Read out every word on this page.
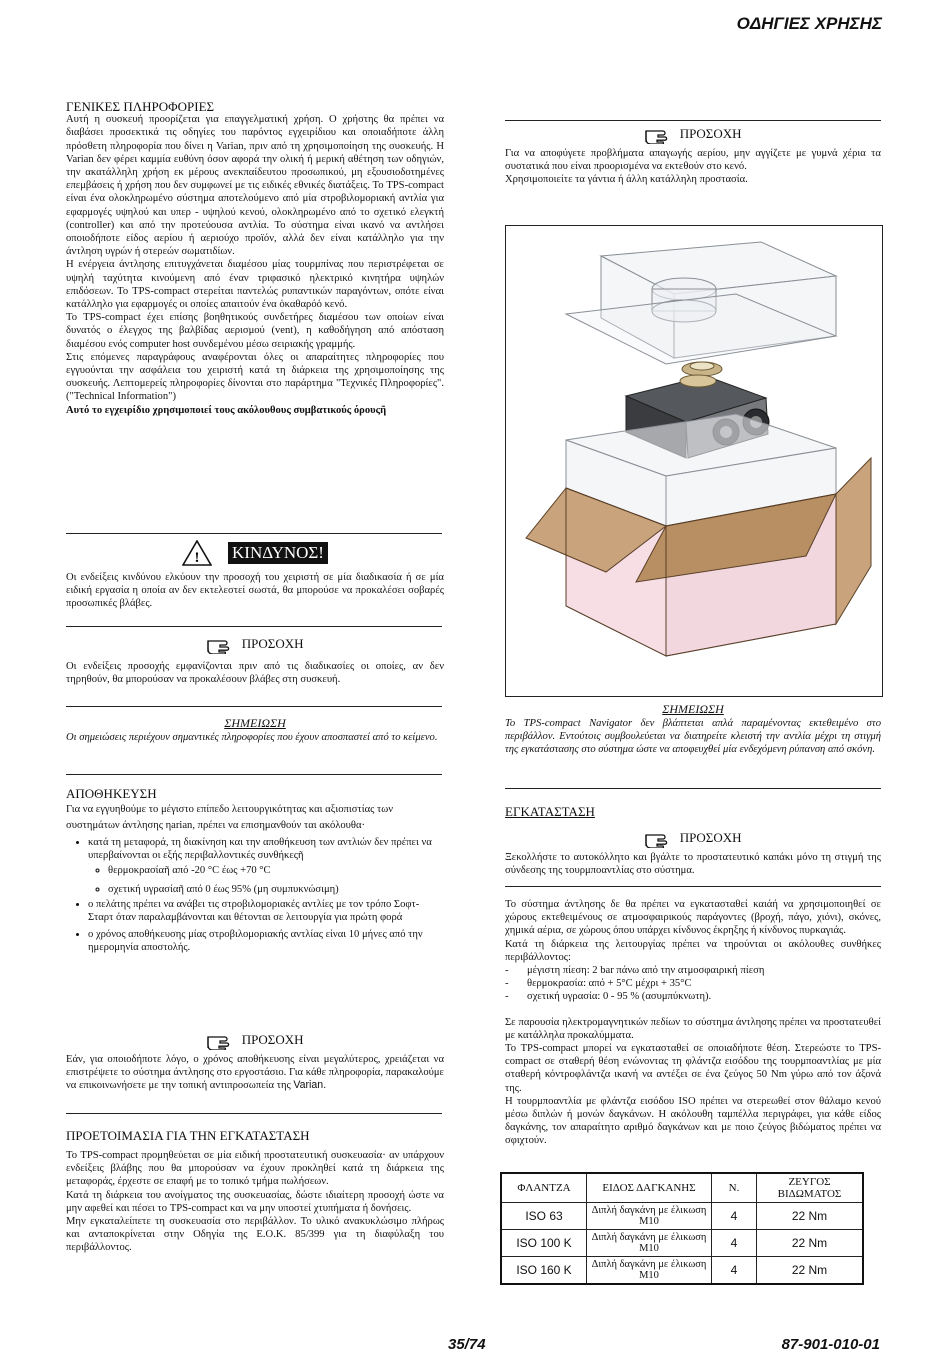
ΟΔΗΓΙΕΣ ΧΡΗΣΗΣ
ΓΕΝΙΚΕΣ ΠΛΗΡΟΦΟΡΙΕΣ

Αυτή η συσκευή προορίζεται για επαγγελματική χρήση. Ο χρήστης θα πρέπει να διαβάσει προσεκτικά τις οδηγίες του παρόντος εγχειρίδιου και οποιαδήποτε άλλη πρόσθετη πληροφορία που δίνει η Varian, πριν από τη χρησιμοποίηση της συσκευής. Η Varian δεν φέρει καμμία ευθύνη όσον αφορά την ολική ή μερική αθέτηση των οδηγιών, την ακατάλληλη χρήση εκ μέρους ανεκπαίδευτου προσωπικού, μη εξουσιοδοτημένες επεμβάσεις ή χρήση που δεν συμφωνεί με τις ειδικές εθνικές διατάξεις. Το TPS-compact είναι ένα ολοκληρωμένο σύστημα αποτελούμενο από μία στροβιλομοριακή αντλία για εφαρμογές υψηλού και υπερ - υψηλού κενού, ολοκληρωμένο από το σχετικό ελεγκτή (controller) και από την προτεύουσα αντλία. Το σύστημα είναι ικανό να αντλήσει οποιοδήποτε είδος αερίου ή αεριούχο προϊόν, αλλά δεν είναι κατάλληλο για την άντληση υγρών ή στερεών σωματιδίων.

Η ενέργεια άντλησης επιτυγχάνεται διαμέσου μίας τουρμπίνας που περιστρέφεται σε υψηλή ταχύτητα κινούμενη από έναν τριφασικό ηλεκτρικό κινητήρα υψηλών επιδόσεων. Το TPS-compact στερείται παντελώς ρυπαντικών παραγόντων, οπότε είναι κατάλληλο για εφαρμογές οι οποίες απαιτούν ένα ὁκαθαρόὁ κενό.

Το TPS-compact έχει επίσης βοηθητικούς συνδετήρες διαμέσου των οποίων είναι δυνατός ο έλεγχος της βαλβίδας αερισμού (vent), η καθοδήγηση από απόσταση διαμέσου ενός computer host συνδεμένου μέσω σειριακής γραμμής.

Στις επόμενες παραγράφους αναφέρονται όλες οι απαραίτητες πληροφορίες που εγγυούνται την ασφάλεια του χειριστή κατά τη διάρκεια της χρησιμοποίησης της συσκευής. Λεπτομερείς πληροφορίες δίνονται στο παράρτημα "Τεχνικές Πληροφορίες". ("Technical Information")

Αυτό το εγχειρίδιο χρησιμοποιεί τους ακόλουθους συμβατικούς όρουςῆ

! ΚΙΝΔΥΝΟΣ!
Οι ενδείξεις κινδύνου ελκύουν την προσοχή του χειριστή σε μία διαδικασία ή σε μία ειδική εργασία η οποία αν δεν εκτελεστεί σωστά, θα μπορούσε να προκαλέσει σοβαρές προσωπικές βλάβες.
ΠΡΟΣΟΧΗ
Οι ενδείξεις προσοχής εμφανίζονται πριν από τις διαδικασίες οι οποίες, αν δεν τηρηθούν, θα μπορούσαν να προκαλέσουν βλάβες στη συσκευή.
ΣΗΜΕΙΩΣΗ
Οι σημειώσεις περιέχουν σημαντικές πληροφορίες που έχουν αποσπαστεί από το κείμενο.
ΑΠΟΘΗΚΕΥΣΗ
Για να εγγυηθούμε το μέγιστο επίπεδο λειτουργικότητας και αξιοπιστίας των συστημάτων άντλησης ηarian, πρέπει να επισημανθούν ται ακόλουθα·
• κατά τη μεταφορά, τη διακίνηση και την αποθήκευση των αντλιών δεν πρέπει να υπερβαίνονται οι εξής περιβαλλοντικές συνθήκεςῆ
◦ θερμοκρασίαῆ από -20 °C έως +70 °C
◦ σχετική υγρασίαῆ από 0 έως 95% (μη συμπυκνώσιμη)
• ο πελάτης πρέπει να ανάβει τις στροβιλομοριακές αντλίες με τον τρόπο Σοφτ- Σταρτ όταν παραλαμβάνονται και θέτονται σε λειτουργία για πρώτη φορά
• ο χρόνος αποθήκευσης μίας στροβιλομοριακής αντλίας είναι 10 μήνες από την ημερομηνία αποστολής.
ΠΡΟΣΟΧΗ
Εάν, για οποιοδήποτε λόγο, ο χρόνος αποθήκευσης είναι μεγαλύτερος, χρειάζεται να επιστρέψετε το σύστημα άντλησης στο εργοστάσιο. Για κάθε πληροφορία, παρακαλούμε να επικοινωνήσετε με την τοπική αντιπροσωπεία της Varian.
ΠΡΟΕΤΟΙΜΑΣΙΑ ΓΙΑ ΤΗΝ ΕΓΚΑΤΑΣΤΑΣΗ

Το TPS-compact προμηθεύεται σε μία ειδική προστατευτική συσκευασία· αν υπάρχουν ενδείξεις βλάβης που θα μπορούσαν να έχουν προκληθεί κατά τη διάρκεια της μεταφοράς, έρχεστε σε επαφή με το τοπικό τμήμα πωλήσεων.

Κατά τη διάρκεια του ανοίγματος της συσκευασίας, δώστε ιδιαίτερη προσοχή ώστε να μην αφεθεί και πέσει το TPS-compact και να μην υποστεί χτυπήματα ή δονήσεις.

Μην εγκαταλείπετε τη συσκευασία στο περιβάλλον. Το υλικό ανακυκλώσιμο πλήρως και ανταποκρίνεται στην Οδηγία της Ε.Ο.Κ. 85/399 για τη διαφύλαξη του περιβάλλοντος.

ΠΡΟΣΟΧΗ

Για να αποφύγετε προβλήματα απαγωγής αερίου, μην αγγίζετε με γυμνά χέρια τα συστατικά που είναι προορισμένα να εκτεθούν στο κενό.

Χρησιμοποιείτε τα γάντια ή άλλη κατάλληλη προστασία.

ΣΗΜΕΙΩΣΗ
Το TPS-compact Navigator δεν βλάπτεται απλά παραμένοντας εκτεθειμένο στο περιβάλλον. Εντούτοις συμβουλεύεται να διατηρείτε κλειστή την αντλία μέχρι τη στιγμή της εγκατάστασης στο σύστημα ώστε να αποφευχθεί μία ενδεχόμενη ρύπανση από σκόνη.
ΕΓΚΑΤΑΣΤΑΣΗ
ΠΡΟΣΟΧΗ
Ξεκολλήστε το αυτοκόλλητο και βγάλτε το προστατευτικό καπάκι μόνο τη στιγμή της σύνδεσης της τουρμποαντλίας στο σύστημα.

Το σύστημα άντλησης δε θα πρέπει να εγκατασταθεί καιάή να χρησιμοποιηθεί σε χώρους εκτεθειμένους σε ατμοσφαιρικούς παράγοντες (βροχή, πάγο, χιόνι), σκόνες, χημικά αέρια, σε χώρους όπου υπάρχει κίνδυνος έκρηξης ή κίνδυνος πυρκαγιάς.

Κατά τη διάρκεια της λειτουργίας πρέπει να τηρούνται οι ακόλουθες συνθήκες περιβάλλοντος:

- μέγιστη πίεση: 2 bar πάνω από την ατμοσφαιρική πίεση
- θερμοκρασία: από + 5°C μέχρι + 35°C
- σχετική υγρασία: 0 - 95 % (ασυμπύκνωτη).

Σε παρουσία ηλεκτρομαγνητικών πεδίων το σύστημα άντλησης πρέπει να προστατευθεί με κατάλληλα προκαλύμματα.

Το TPS-compact μπορεί να εγκατασταθεί σε οποιαδήποτε θέση. Στερεώστε το TPS-compact σε σταθερή θέση ενώνοντας τη φλάντζα εισόδου της τουρμποαντλίας με μία σταθερή κόντροφλάντζα ικανή να αντέξει σε ένα ζεύγος 50 Nm γύρω από τον άξονά της.

Η τουρμποαντλία με φλάντζα εισόδου ISO πρέπει να στερεωθεί στον θάλαμο κενού μέσω διπλών ή μονών δαγκάνων. Η ακόλουθη ταμπέλλα περιγράφει, για κάθε είδος δαγκάνης, τον απαραίτητο αριθμό δαγκάνων και με ποιο ζεύγος βιδώματος πρέπει να σφιχτούν.

ΦΛΑΝΤΖΑ	ΕΙΔΟΣ ΔΑΓΚΑΝΗΣ	Ν.	ΖΕΥΓΟΣ ΒΙΔΩΜΑΤΟΣ
ISO 63	Διπλή δαγκάνη με έλικωση M10	4	22 Nm
ISO 100 K	Διπλή δαγκάνη με έλικωση M10	4	22 Nm
ISO 160 K	Διπλή δαγκάνη με έλικωση M10	4	22 Nm
35/74	87-901-010-01
